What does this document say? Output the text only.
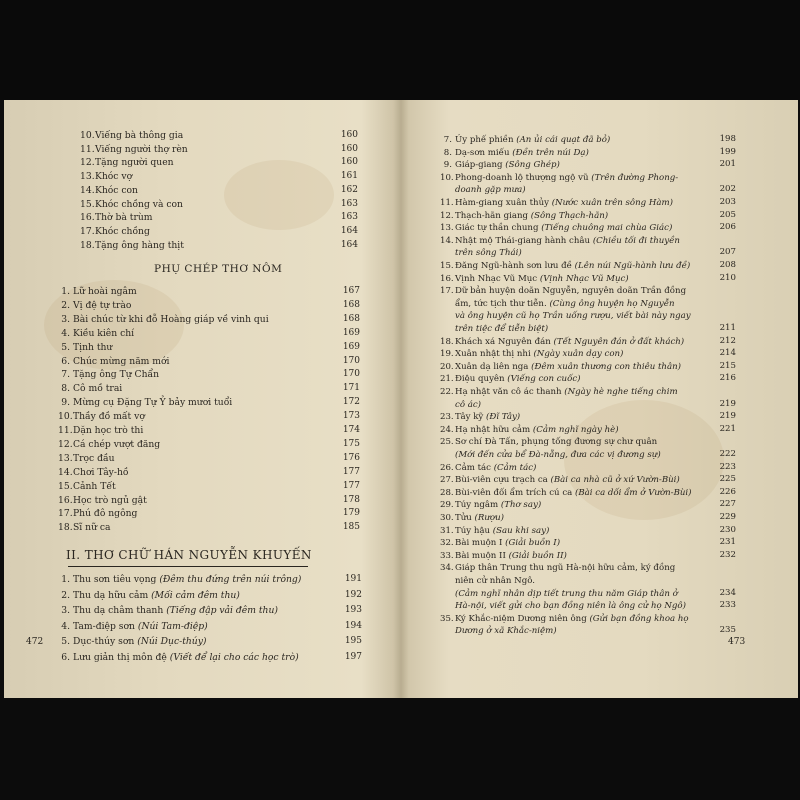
10.Viếng bà thông gia	160
11.Viếng người thợ rèn	160
12.Tặng người quen	160
13.Khóc vợ	161
14.Khóc con	162
15.Khóc chồng và con	163
16.Thờ bà trùm	163
17.Khóc chồng	164
18.Tặng ông hàng thịt	164
PHỤ CHÉP THƠ NÔM
1. Lữ hoài ngâm	167
2. Vị đệ tự trào	168
3. Bài chúc từ khi đỗ Hoàng giáp về vinh qui	168
4. Kiều kiên chí	169
5. Tịnh thư	169
6. Chúc mừng năm mới	170
7. Tặng ông Tự Chẩn	170
8. Cô mồ trai	171
9. Mừng cụ Đặng Tự Ỷ bảy mươi tuổi	172
10.Thầy đồ mất vợ	173
11.Dặn học trò thi	174
12.Cá chép vượt đăng	175
13.Trọc đầu	176
14.Chơi Tây-hồ	177
15.Cảnh Tết	177
16.Học trò ngủ gật	178
17.Phú đô ngông	179
18.Sĩ nữ ca	185
II. THƠ CHỮ HÁN NGUYỄN KHUYẾN
1. Thu sơn tiêu vọng (Đêm thu đứng trên núi trông)	191
2. Thu dạ hữu cảm (Mối cảm đêm thu)	192
3. Thu dạ châm thanh (Tiếng đập vải đêm thu)	193
4. Tam-điệp sơn (Núi Tam-điệp)	194
5. Dục-thúy sơn (Núi Dục-thúy)	195
6. Lưu giản thị môn đệ (Viết để lại cho các học trò)	197
472
7. Úy phế phiền (An ủi cái quạt đã bỏ)	198
8. Dạ-sơn miếu (Đền trên núi Dạ)	199
9. Giáp-giang (Sông Ghép)	201
10.Phong-doanh lộ thượng ngộ vũ (Trên đường Phong-
doanh gặp mưa)	202
11.Hàm-giang xuân thủy (Nước xuân trên sông Hàm)	203
12.Thạch-hãn giang (Sông Thạch-hãn)	205
13.Giác tự thần chung (Tiếng chuông mai chùa Giác)	206
14.Nhật mộ Thái-giang hành châu (Chiều tối đi thuyền
trên sông Thái)	207
15.Đăng Ngũ-hành sơn lưu đề (Lên núi Ngũ-hành lưu đề)	208
16.Vịnh Nhạc Vũ Mục (Vịnh Nhạc Vũ Mục)	210
17.Dữ bản huyện doãn Nguyễn, nguyên doãn Trần đồng
ẩm, tức tịch thư tiễn. (Cùng ông huyện họ Nguyễn
và ông huyện cũ họ Trần uống rượu, viết bài này ngay
trên tiệc để tiễn biệt)	211
18.Khách xá Nguyên đán (Tết Nguyên đán ở đất khách)	212
19.Xuân nhật thị nhi (Ngày xuân dạy con)	214
20.Xuân dạ liên nga (Đêm xuân thương con thiêu thân)	215
21.Điệu quyên (Viếng con cuốc)	216
22.Hạ nhật văn cô ác thanh (Ngày hè nghe tiếng chim
cô ác)	219
23.Tây kỹ (Đĩ Tây)	219
24.Hạ nhật hữu cảm (Cảm nghĩ ngày hè)	221
25.Sơ chí Đà Tấn, phụng tống đương sự chư quân
(Mới đến cửa bể Đà-nẵng, đưa các vị đương sự)	222
26.Cảm tác (Cảm tác)	223
27.Bùi-viên cựu trạch ca (Bài ca nhà cũ ở xứ Vườn-Bùi)	225
28.Bùi-viên đối ẩm trích cú ca (Bài ca dối ẩm ở Vườn-Bùi)	226
29.Túy ngâm (Thơ say)	227
30.Tửu (Rượu)	229
31.Túy hậu (Sau khi say)	230
32.Bài muộn I (Giải buồn I)	231
33.Bài muộn II (Giải buồn II)	232
34.Giáp thân Trung thu ngũ Hà-nội hữu cảm, ký đồng
niên cử nhân Ngô.
(Cảm nghĩ nhân dịp tiết trung thu năm Giáp thân ở	234
Hà-nội, viết gửi cho bạn đồng niên là ông cử họ Ngô)	233
35.Ký Khắc-niệm Dương niên ông (Gửi bạn đồng khoa họ
Dương ở xã Khắc-niệm)	235
473
